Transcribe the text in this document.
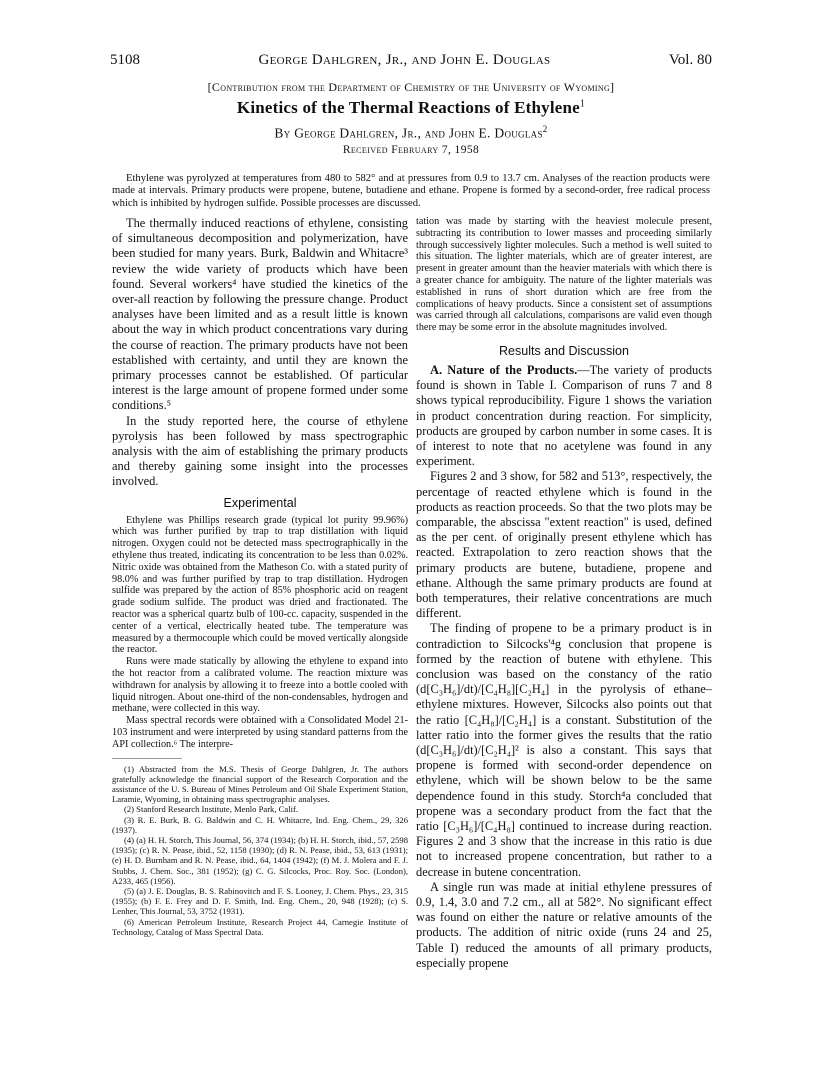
5108	George Dahlgren, Jr., and John E. Douglas	Vol. 80
[Contribution from the Department of Chemistry of the University of Wyoming]
Kinetics of the Thermal Reactions of Ethylene$^1$
By George Dahlgren, Jr., and John E. Douglas$^2$
Received February 7, 1958

Ethylene was pyrolyzed at temperatures from 480 to 582° and at pressures from 0.9 to 13.7 cm. Analyses of the reaction products were made at intervals. Primary products were propene, butene, butadiene and ethane. Propene is formed by a second-order, free radical process which is inhibited by hydrogen sulfide. Possible processes are discussed.

The thermally induced reactions of ethylene, consisting of simultaneous decomposition and polymerization, have been studied for many years. Burk, Baldwin and Whitacre³ review the wide variety of products which have been found. Several workers⁴ have studied the kinetics of the over-all reaction by following the pressure change. Product analyses have been limited and as a result little is known about the way in which product concentrations vary during the course of reaction. The primary products have not been established with certainty, and until they are known the primary processes cannot be established. Of particular interest is the large amount of propene formed under some conditions.⁵

In the study reported here, the course of ethylene pyrolysis has been followed by mass spectrographic analysis with the aim of establishing the primary products and thereby gaining some insight into the processes involved.

Experimental

Ethylene was Phillips research grade (typical lot purity 99.96%) which was further purified by trap to trap distillation with liquid nitrogen. Oxygen could not be detected mass spectrographically in the ethylene thus treated, indicating its concentration to be less than 0.02%. Nitric oxide was obtained from the Matheson Co. with a stated purity of 98.0% and was further purified by trap to trap distillation. Hydrogen sulfide was prepared by the action of 85% phosphoric acid on reagent grade sodium sulfide. The product was dried and fractionated. The reactor was a spherical quartz bulb of 100-cc. capacity, suspended in the center of a vertical, electrically heated tube. The temperature was measured by a thermocouple which could be moved vertically alongside the reactor.

Runs were made statically by allowing the ethylene to expand into the hot reactor from a calibrated volume. The reaction mixture was withdrawn for analysis by allowing it to freeze into a bottle cooled with liquid nitrogen. About one-third of the non-condensables, hydrogen and methane, were collected in this way.

Mass spectral records were obtained with a Consolidated Model 21-103 instrument and were interpreted by using standard patterns from the API collection.⁶ The interpre-

(1) Abstracted from the M.S. Thesis of George Dahlgren, Jr. The authors gratefully acknowledge the financial support of the Research Corporation and the assistance of the U. S. Bureau of Mines Petroleum and Oil Shale Experiment Station, Laramie, Wyoming, in obtaining mass spectrographic analyses.
(2) Stanford Research Institute, Menlo Park, Calif.
(3) R. E. Burk, B. G. Baldwin and C. H. Whitacre, Ind. Eng. Chem., 29, 326 (1937).
(4) (a) H. H. Storch, This Journal, 56, 374 (1934); (b) H. H. Storch, ibid., 57, 2598 (1935); (c) R. N. Pease, ibid., 52, 1158 (1930); (d) R. N. Pease, ibid., 53, 613 (1931); (e) H. D. Burnham and R. N. Pease, ibid., 64, 1404 (1942); (f) M. J. Molera and F. J. Stubbs, J. Chem. Soc., 381 (1952); (g) C. G. Silcocks, Proc. Roy. Soc. (London), A233, 465 (1956).
(5) (a) J. E. Douglas, B. S. Rabinovitch and F. S. Looney, J. Chem. Phys., 23, 315 (1955); (b) F. E. Frey and D. F. Smith, Ind. Eng. Chem., 20, 948 (1928); (c) S. Lenher, This Journal, 53, 3752 (1931).
(6) American Petroleum Institute, Research Project 44, Carnegie Institute of Technology, Catalog of Mass Spectral Data.

tation was made by starting with the heaviest molecule present, subtracting its contribution to lower masses and proceeding similarly through successively lighter molecules. Such a method is well suited to this situation. The lighter materials, which are of greater interest, are present in greater amount than the heavier materials with which there is a greater chance for ambiguity. The nature of the lighter materials was established in runs of short duration which are free from the complications of heavy products. Since a consistent set of assumptions was carried through all calculations, comparisons are valid even though there may be some error in the absolute magnitudes involved.

Results and Discussion

A. Nature of the Products.—The variety of products found is shown in Table I. Comparison of runs 7 and 8 shows typical reproducibility. Figure 1 shows the variation in product concentration during reaction. For simplicity, products are grouped by carbon number in some cases. It is of interest to note that no acetylene was found in any experiment.

Figures 2 and 3 show, for 582 and 513°, respectively, the percentage of reacted ethylene which is found in the products as reaction proceeds. So that the two plots may be comparable, the abscissa "extent reaction" is used, defined as the per cent. of originally present ethylene which has reacted. Extrapolation to zero reaction shows that the primary products are butene, butadiene, propene and ethane. Although the same primary products are found at both temperatures, their relative concentrations are much different.

The finding of propene to be a primary product is in contradiction to Silcocks'⁴g conclusion that propene is formed by the reaction of butene with ethylene. This conclusion was based on the constancy of the ratio (d[C₃H₆]/dt)/[C₄H₈][C₂H₄] in the pyrolysis of ethane–ethylene mixtures. However, Silcocks also points out that the ratio [C₄H₈]/[C₂H₄] is a constant. Substitution of the latter ratio into the former gives the results that the ratio (d[C₃H₆]/dt)/[C₂H₄]² is also a constant. This says that propene is formed with second-order dependence on ethylene, which will be shown below to be the same dependence found in this study. Storch⁴a concluded that propene was a secondary product from the fact that the ratio [C₃H₆]/[C₄H₈] continued to increase during reaction. Figures 2 and 3 show that the increase in this ratio is due not to increased propene concentration, but rather to a decrease in butene concentration.

A single run was made at initial ethylene pressures of 0.9, 1.4, 3.0 and 7.2 cm., all at 582°. No significant effect was found on either the nature or relative amounts of the products. The addition of nitric oxide (runs 24 and 25, Table I) reduced the amounts of all primary products, especially propene
